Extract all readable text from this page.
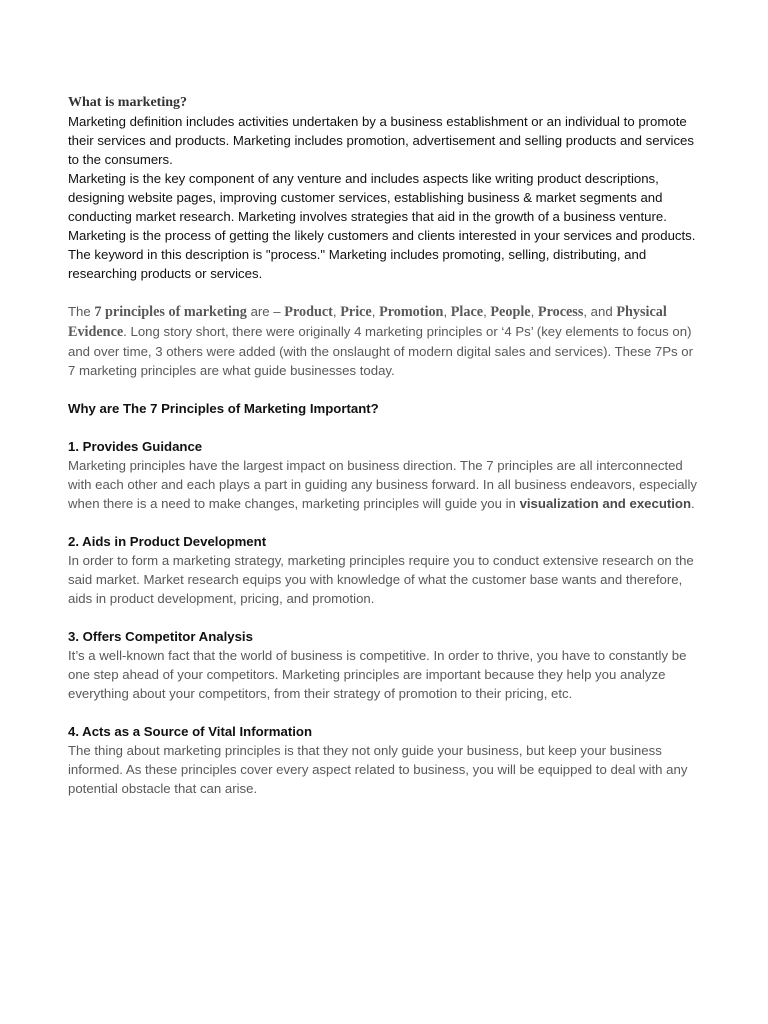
What is marketing?

Marketing definition includes activities undertaken by a business establishment or an individual to promote their services and products. Marketing includes promotion, advertisement and selling products and services to the consumers.

Marketing is the key component of any venture and includes aspects like writing product descriptions, designing website pages, improving customer services, establishing business & market segments and conducting market research. Marketing involves strategies that aid in the growth of a business venture.

Marketing is the process of getting the likely customers and clients interested in your services and products. The keyword in this description is "process." Marketing includes promoting, selling, distributing, and researching products or services.

The 7 principles of marketing are – Product, Price, Promotion, Place, People, Process, and Physical Evidence. Long story short, there were originally 4 marketing principles or ‘4 Ps’ (key elements to focus on) and over time, 3 others were added (with the onslaught of modern digital sales and services). These 7Ps or 7 marketing principles are what guide businesses today.

Why are The 7 Principles of Marketing Important?

1. Provides Guidance

Marketing principles have the largest impact on business direction. The 7 principles are all interconnected with each other and each plays a part in guiding any business forward. In all business endeavors, especially when there is a need to make changes, marketing principles will guide you in visualization and execution.

2. Aids in Product Development

In order to form a marketing strategy, marketing principles require you to conduct extensive research on the said market. Market research equips you with knowledge of what the customer base wants and therefore, aids in product development, pricing, and promotion.

3. Offers Competitor Analysis

It’s a well-known fact that the world of business is competitive. In order to thrive, you have to constantly be one step ahead of your competitors. Marketing principles are important because they help you analyze everything about your competitors, from their strategy of promotion to their pricing, etc.

4. Acts as a Source of Vital Information

The thing about marketing principles is that they not only guide your business, but keep your business informed. As these principles cover every aspect related to business, you will be equipped to deal with any potential obstacle that can arise.
